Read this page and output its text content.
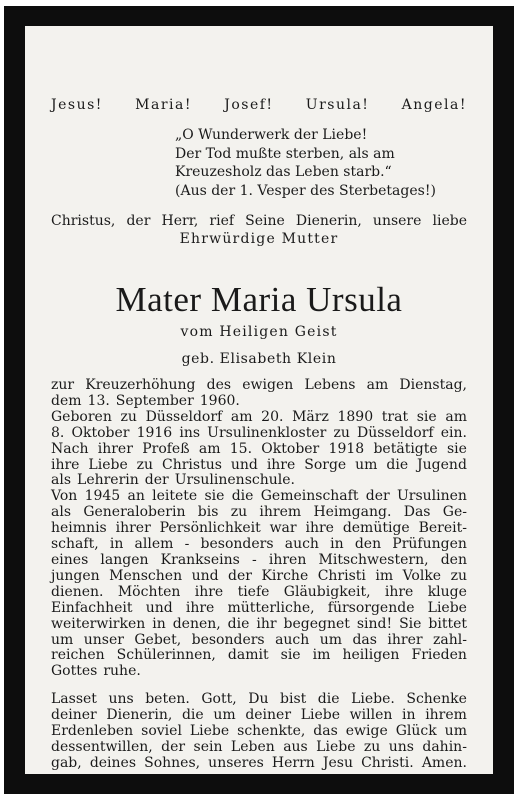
Jesus! Maria! Josef! Ursula! Angela!
„O Wunderwerk der Liebe!
Der Tod mußte sterben, als am
Kreuzesholz das Leben starb.“
(Aus der 1. Vesper des Sterbetages!)
Christus, der Herr, rief Seine Dienerin, unsere liebe
Ehrwürdige Mutter
Mater Maria Ursula
vom Heiligen Geist
geb. Elisabeth Klein
zur Kreuzerhöhung des ewigen Lebens am Dienstag,
dem 13. September 1960.
Geboren zu Düsseldorf am 20. März 1890 trat sie am
8. Oktober 1916 ins Ursulinenkloster zu Düsseldorf ein.
Nach ihrer Profeß am 15. Oktober 1918 betätigte sie
ihre Liebe zu Christus und ihre Sorge um die Jugend
als Lehrerin der Ursulinenschule.
Von 1945 an leitete sie die Gemeinschaft der Ursulinen
als Generaloberin bis zu ihrem Heimgang. Das Ge-
heimnis ihrer Persönlichkeit war ihre demütige Bereit-
schaft, in allem - besonders auch in den Prüfungen
eines langen Krankseins - ihren Mitschwestern, den
jungen Menschen und der Kirche Christi im Volke zu
dienen. Möchten ihre tiefe Gläubigkeit, ihre kluge
Einfachheit und ihre mütterliche, fürsorgende Liebe
weiterwirken in denen, die ihr begegnet sind! Sie bittet
um unser Gebet, besonders auch um das ihrer zahl-
reichen Schülerinnen, damit sie im heiligen Frieden
Gottes ruhe.
Lasset uns beten. Gott, Du bist die Liebe. Schenke
deiner Dienerin, die um deiner Liebe willen in ihrem
Erdenleben soviel Liebe schenkte, das ewige Glück um
dessentwillen, der sein Leben aus Liebe zu uns dahin-
gab, deines Sohnes, unseres Herrn Jesu Christi. Amen.
